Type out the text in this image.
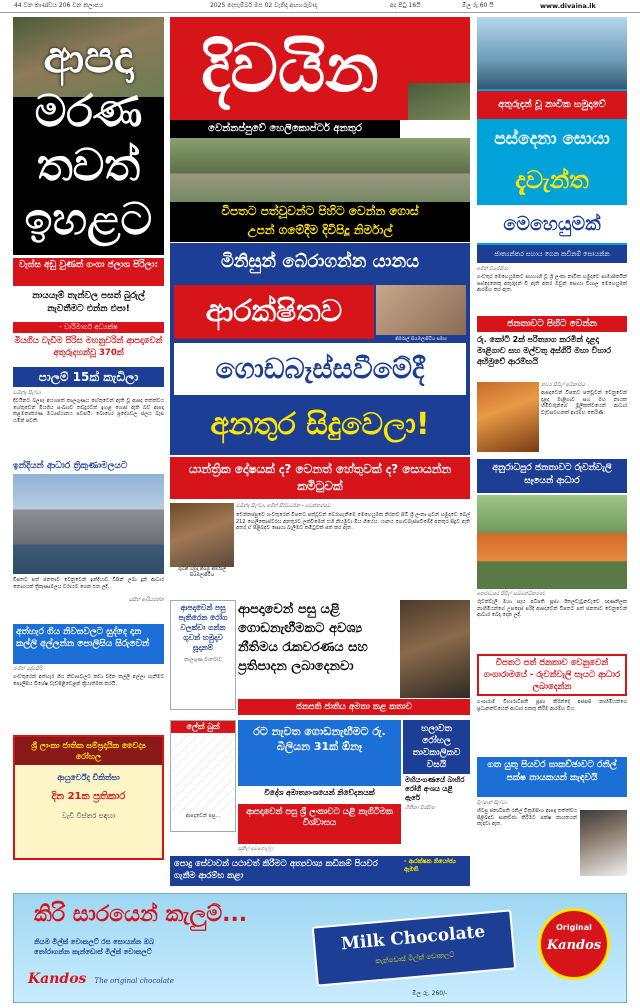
44 වන කාණ්ඩය 206 වන කලාපය	2025 දෙසැම්බර් මස 02 වැනිදා අඟහරුවාදා	අද පිටු 16යි	මිල රු.60 යි	www.divaina.lk
ආපදා
මරණ
තවත්
ඉහළට
වැස්ස අඩු වුණත් ගංගා ජලාශ පිරිලා:
නායයෑම් තැන්වල පසත් බුරුල් නැවතීමට එන්න එපා!
- වාරිමාර්ග අධ්‍යක්ෂ
මියගිය වැඩිම පිරිස මහනුවරින් ආපදාවෙන් අතුරුදහන්වූ 370ක්
පාලම් 15ක් කැඩිලා
චමින්ද සිල්වා
දිවයිනට බලපෑ අයහපත් කාලගුණය හේතුවෙන් ඇති වූ ආපදා තත්ත්වය හේතුවෙන් මියගිය සංඛ්‍යාව තවදුරටත් ඉහළ ගොස් ඇති බව ආපදා කළමනාකරණ මධ්‍යස්ථානය පවසයි. බොහෝ ප්‍රදේශවල ජලය බැස යමින් පවතී.
ඉන්දියන් ආධාර ත්‍රිකුණාමලයට
විපතට පත් ජනතාව වෙනුවෙන් ඉන්දියාව විසින් ලබා දුන් ආධාර තොගයක් ත්‍රිකුණාමලය වරායට ගෙන එන ලදී.
සුසිත් ආරියරත්න
අත්හැර ගිය නිවසවලට සුද්දෙ දාන කල්ලි අල්ලන්න පොලිසිය සිරුවෙන්
රංජිත් පද්මසිරි
ගංවතුරෙන් අත්හැර ගිය නිවාසවලට කඩා වදින කල්ලි අල්ලා ගැනීමට පොලිසිය විශේෂ වැඩපිළිවෙළක් ක්‍රියාත්මක කරයි.
ශ්‍රී ලාංකා ජාතික සම්ප්‍රදායික වෛද්‍ය රෝහල
ආයුර්වේද චිකිත්සා
දින 21ක ප්‍රතිකාර
වැඩි විස්තර සඳහා
දිවයින
වෙන්නප්පුවේ හෙලිකොප්ටර් අනතුර
විපතට පත්වූවන්ට පිහිට වෙන්න ගොස්
උපන් ගමේදීම දිවිපිදූ නිර්මාල්
මිනිසුන් බේරාගන්න යානය
ආරක්ෂිතව
නිර්මාල් සියඹලාපිටිය සමඟ
ගොඩබෑස්සවීමේදී
අනතුර සිදුවෙලා!
යාන්ත්‍රික දෝෂයක් ද? වෙනත් හේතුවක් ද? සොයන්න කමිටුවක්
චමින්ද සිල්වා, අජිත් සිරිවර්ධන - වෙන්නප්පුව
ගුවන් හමුදා නියමු නිර්මාල් සියඹලාපිටිය
වෙන්නප්පුවේ ගංවතුරෙන් විපතට පත්වූවන් බේරාගැනීමේ මෙහෙයුමක නිරතව සිටි ශ්‍රී ලංකා ගුවන් හමුදාවේ බෙල් 212 හෙලිකොප්ටරය අනතුරට ලක්වීමෙන් එහි නියමුවා මිය ගියේය. යානය ගොඩබෑස්සවීමේදී අනතුර සිදුව ඇති අතර ඒ පිළිබඳව සොයා බැලීමට කමිටුවක් පත් කර ඇත.
ආපදාවෙන් පසු පැතිරෙන රෝග වලක්වා ගන්න ගුවන් හමුදාව සූදානම්
කාලගුණ වාර්තාව
ආපදාවෙන් පසු යළි ගොඩනැඟීමකට අවශ්‍ය නීතිමය රැකවරණය සහ ප්‍රතිපාදන ලබාදෙනවා
ජනපති ජාතිය අමතා කළ කතාව
රට නැවත ගොඩනැඟීමට රු. බිලියන 31ක් ඕනෑ
විදේශ අමාත්‍යාංශයෙන් නිවේදනයක්
ලේක් බුක්
ආපදාවෙන් පසු...
හලාවත රෝහල තාවකාලිකව වසයි
මහියංගණයේ බාහිර රෝගී අංශය යළි ඇරේ
ගීතිකා වීරසිංහ
ආපදාවෙන් පසු ශ්‍රී ලංකාවට යළි නැගිටීමක විශ්වාසය
සුනිල් දඹගොල්ල
පොදු සේවාවන් යථාවත් කිරීමට අත්‍යවශ්‍ය කඩිනම් පියවර ගැනීම ආරම්භ කළා
- ආරක්ෂක නියෝජ්‍ය ඇමති
අතුරුදන් වූ නාවික හමුදාවේ
පස්දෙනා සොයා
දැවැන්ත
මෙහෙයුමක්
ජාත්‍යන්තර සහාය ගෙන කඩිනම් සොයන්න
අජිත් විජේසිංහ
ගංවතුර මෙහෙයුමකට සහභාගි වූ ශ්‍රී ලංකා නාවික හමුදාවේ සාමාජිකයින් පස්දෙනෙකු අතුරුදන් වී ඇති අතර ඔවුන් සොයා විශාල මෙහෙයුමක් ආරම්භ කර ඇත.
ජනතාවට පිහිට වෙන්න
රු. කෝටි 2ක් පරිත්‍යාග කරමින් දළදා මාළිගාව සහ මල්වතු අස්ගිරි මහා විහාර අභිමුවේ ආරම්භයි
නුවර සිවිල් අධිකාරිය
ආපදාවෙන් විපතට පත්වූවන් වෙනුවෙන් දළදා මාළිගාව සහ මහ නායක හිමිවරුන්ගේ මූලිකත්වයෙන් ආධාර වැඩසටහනක් ආරම්භ කෙරිණි.
අනුරාධපුර ජනතාවට රුවන්වැලි සෑයෙන් ආධාර
අනුරාධපුර සිවිල් සම්බන්ධීකරණ
රුවන්වැලි මහා සෑය අධිපති පූජ්‍ය ඊතලවැටුනවැවේ ඥාණතිලක නාහිමියන්ගේ උපදෙස් පරිදි ආපදාවෙන් විපතට පත් ජනතාව වෙනුවෙන් ආධාර බෙදා දෙන ලදී.
විපතට පත් ජනතාව වෙනුවෙන් ගංගාරාමයේ - රුවන්වැලි සෑයට ආධාර ලබාදෙන්න
ගංගාරාම විහාරාධිපති පූජ්‍ය කිරින්දේ අස්සජි නාහිමියන්ගේ ප්‍රධානත්වයෙන් ආධාර එකතු කිරීම ආරම්භ විය.
ගත යුතු පියවර සාකච්ඡාවට රනිල් පක්ෂ නායකයන් කැඳවයි
දිල්ෂාන් සිල්වා
හිටපු ජනාධිපති රනිල් වික්‍රමසිංහ ආපදා තත්ත්වය පිළිබඳව සාකච්ඡා කිරීමට පක්ෂ නායකයන් කැඳවා ඇත.
කිරි සාරයෙන් කැලුම්...
නියම මිල්ක් චොකලට් රස සොයන්න ඔබ
තෝරාගන්න කැන්ඩොස් මිල්ක් චොකලට්
Kandos The original chocolate
Milk Chocolate
කැන්ඩොස් මිල්ක් චොකලට්
Original
Kandos
මිල රු. 260/-
